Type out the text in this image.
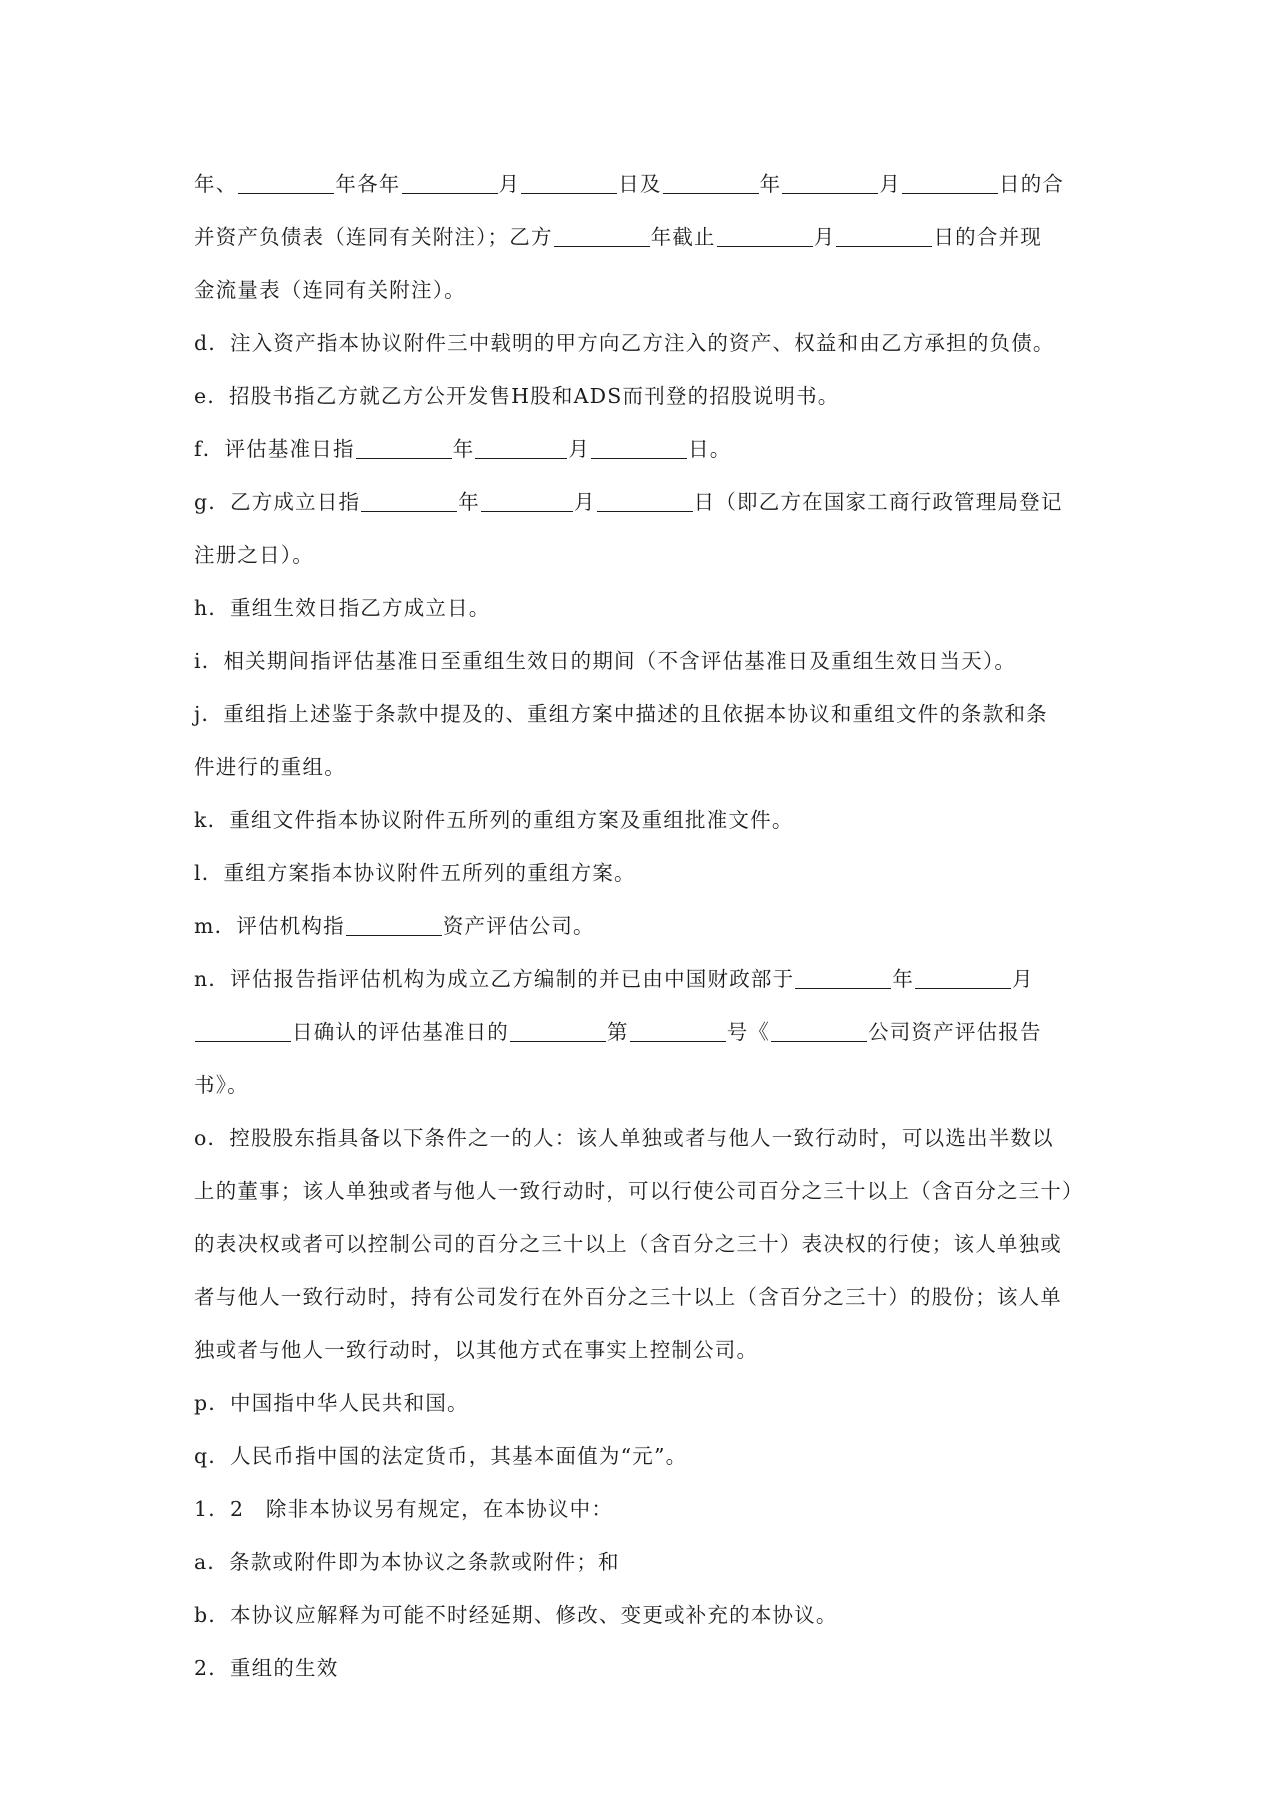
年、	年各年	月	日及	年	月	日的合
并资产负债表（连同有关附注）；乙方	年截止	月	日的合并现
金流量表（连同有关附注）。
d．注入资产指本协议附件三中载明的甲方向乙方注入的资产、权益和由乙方承担的负债。
e．招股书指乙方就乙方公开发售H股和ADS而刊登的招股说明书。
f．评估基准日指	年	月	日。
g．乙方成立日指	年	月	日（即乙方在国家工商行政管理局登记
注册之日）。
h．重组生效日指乙方成立日。
i．相关期间指评估基准日至重组生效日的期间（不含评估基准日及重组生效日当天）。
j．重组指上述鉴于条款中提及的、重组方案中描述的且依据本协议和重组文件的条款和条
件进行的重组。
k．重组文件指本协议附件五所列的重组方案及重组批准文件。
l．重组方案指本协议附件五所列的重组方案。
m．评估机构指	资产评估公司。
n．评估报告指评估机构为成立乙方编制的并已由中国财政部于	年	月
日确认的评估基准日的	第	号《	公司资产评估报告
书》。
o．控股股东指具备以下条件之一的人：该人单独或者与他人一致行动时，可以选出半数以
上的董事；该人单独或者与他人一致行动时，可以行使公司百分之三十以上（含百分之三十）
的表决权或者可以控制公司的百分之三十以上（含百分之三十）表决权的行使；该人单独或
者与他人一致行动时，持有公司发行在外百分之三十以上（含百分之三十）的股份；该人单
独或者与他人一致行动时，以其他方式在事实上控制公司。
p．中国指中华人民共和国。
q．人民币指中国的法定货币，其基本面值为“元”。
1．2　除非本协议另有规定，在本协议中：
a．条款或附件即为本协议之条款或附件；和
b．本协议应解释为可能不时经延期、修改、变更或补充的本协议。
2．重组的生效
